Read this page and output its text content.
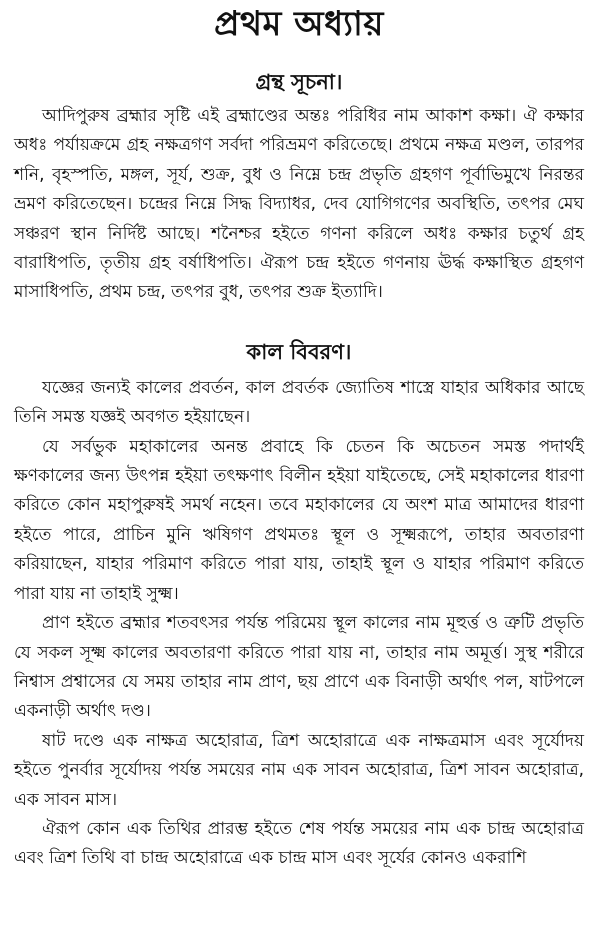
প্রথম অধ্যায়
গ্রন্থ সূচনা।

আদিপুরুষ ব্রহ্মার সৃষ্টি এই ব্রহ্মাণ্ডের অন্তঃ পরিধির নাম আকাশ কক্ষা। ঐ কক্ষার অধঃ পর্যায়ক্রমে গ্রহ নক্ষত্রগণ সর্বদা পরিভ্রমণ করিতেছে। প্রথমে নক্ষত্র মণ্ডল, তারপর শনি, বৃহস্পতি, মঙ্গল, সূর্য, শুক্র, বুধ ও নিম্নে চন্দ্র প্রভৃতি গ্রহগণ পূর্বাভিমুখে নিরন্তর ভ্রমণ করিতেছেন। চন্দ্রের নিম্নে সিদ্ধ বিদ্যাধর, দেব যোগিগণের অবস্থিতি, তৎপর মেঘ সঞ্চরণ স্থান নির্দিষ্ট আছে। শনৈশ্চর হইতে গণনা করিলে অধঃ কক্ষার চতুর্থ গ্রহ বারাধিপতি, তৃতীয় গ্রহ বর্ষাধিপতি। ঐরূপ চন্দ্র হইতে গণনায় ঊর্দ্ধ কক্ষাস্থিত গ্রহগণ মাসাধিপতি, প্রথম চন্দ্র, তৎপর বুধ, তৎপর শুক্র ইত্যাদি।

কাল বিবরণ।

যজ্ঞের জন্যই কালের প্রবর্তন, কাল প্রবর্তক জ্যোতিষ শাস্ত্রে যাহার অধিকার আছে তিনি সমস্ত যজ্ঞই অবগত হইয়াছেন।

যে সর্বভুক মহাকালের অনন্ত প্রবাহে কি চেতন কি অচেতন সমস্ত পদার্থই ক্ষণকালের জন্য উৎপন্ন হইয়া তৎক্ষণাৎ বিলীন হইয়া যাইতেছে, সেই মহাকালের ধারণা করিতে কোন মহাপুরুষই সমর্থ নহেন। তবে মহাকালের যে অংশ মাত্র আমাদের ধারণা হইতে পারে, প্রাচিন মুনি ঋষিগণ প্রথমতঃ স্থূল ও সূক্ষ্মরূপে, তাহার অবতারণা করিয়াছেন, যাহার পরিমাণ করিতে পারা যায়, তাহাই স্থূল ও যাহার পরিমাণ করিতে পারা যায় না তাহাই সুক্ষ্ম।

প্রাণ হইতে ব্রহ্মার শতবৎসর পর্যন্ত পরিমেয় স্থূল কালের নাম মূহুর্ত্ত ও ত্রুটি প্রভৃতি যে সকল সূক্ষ্ম কালের অবতারণা করিতে পারা যায় না, তাহার নাম অমূর্ত্ত। সুস্থ শরীরে নিশ্বাস প্রশ্বাসের যে সময় তাহার নাম প্রাণ, ছয় প্রাণে এক বিনাড়ী অর্থাৎ পল, ষাটপলে একনাড়ী অর্থাৎ দণ্ড।

ষাট দণ্ডে এক নাক্ষত্র অহোরাত্র, ত্রিশ অহোরাত্রে এক নাক্ষত্রমাস এবং সূর্যোদয় হইতে পুনর্বার সূর্যোদয় পর্যন্ত সময়ের নাম এক সাবন অহোরাত্র, ত্রিশ সাবন অহোরাত্র, এক সাবন মাস।

ঐরূপ কোন এক তিথির প্রারম্ভ হইতে শেষ পর্যন্ত সময়ের নাম এক চান্দ্র অহোরাত্র এবং ত্রিশ তিথি বা চান্দ্র অহোরাত্রে এক চান্দ্র মাস এবং সূর্যের কোনও একরাশি
